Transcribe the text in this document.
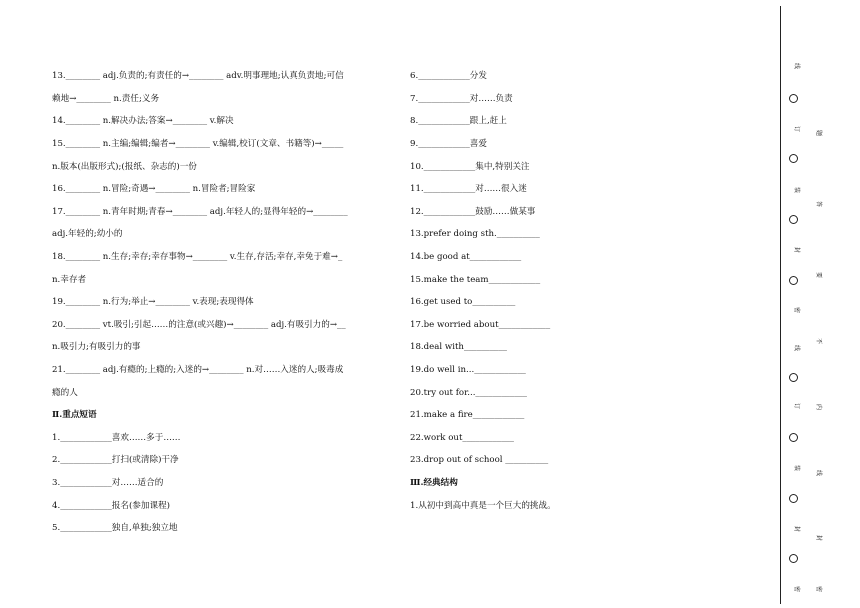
13.________ adj.负责的;有责任的→________ adv.明事理地;认真负责地;可信
赖地→________ n.责任;义务
14.________ n.解决办法;答案→________ v.解决
15.________ n.主编;编辑;编者→________ v.编辑,校订(文章、书籍等)→_____
n.版本(出版形式);(报纸、杂志的)一份
16.________ n.冒险;奇遇→________ n.冒险者;冒险家
17.________ n.青年时期;青春→________ adj.年轻人的;显得年轻的→________
adj.年轻的;幼小的
18.________ n.生存;幸存;幸存事物→________ v.生存,存活;幸存,幸免于难→_
n.幸存者
19.________ n.行为;举止→________ v.表现;表现得体
20.________ vt.吸引;引起……的注意(或兴趣)→________ adj.有吸引力的→__
n.吸引力;有吸引力的事
21.________ adj.有瘾的;上瘾的;入迷的→________ n.对……入迷的人;吸毒成
瘾的人
Ⅱ.重点短语
1.____________喜欢……多于……
2.____________打扫(或清除)干净
3.____________对……适合的
4.____________报名(参加课程)
5.____________独自,单独;独立地
6.____________分发
7.____________对……负责
8.____________跟上,赶上
9.____________喜爱
10.____________集中,特别关注
11.____________对……很入迷
12.____________鼓励……做某事
13.prefer doing sth.__________
14.be good at____________
15.make the team____________
16.get used to__________
17.be worried about____________
18.deal with__________
19.do well in...____________
20.try out for...____________
21.make a fire____________
22.work out____________
23.drop out of school __________
Ⅲ.经典结构
1.从初中到高中真是一个巨大的挑战。
线
订
装
封
密
线
订
装
封
密
题
答
要
不
内
线
封
密
